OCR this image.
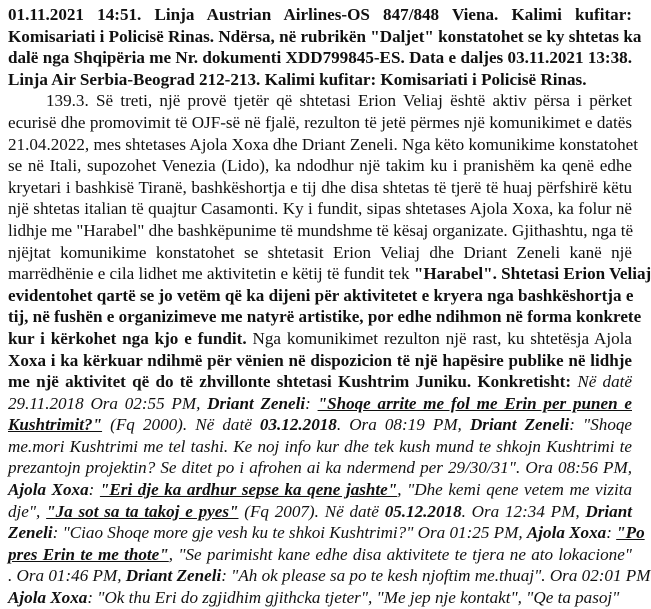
01.11.2021 14:51. Linja Austrian Airlines-OS 847/848 Viena. Kalimi kufitar:
Komisariati i Policisë Rinas. Ndërsa, në rubrikën "Daljet" konstatohet se ky shtetas ka
dalë nga Shqipëria me Nr. dokumenti XDD799845-ES. Data e daljes 03.11.2021 13:38.
Linja Air Serbia-Beograd 212-213. Kalimi kufitar: Komisariati i Policisë Rinas.
139.3. Së treti, një provë tjetër që shtetasi Erion Veliaj është aktiv përsa i përket
ecurisë dhe promovimit të OJF-së në fjalë, rezulton të jetë përmes një komunikimet e datës
21.04.2022, mes shtetases Ajola Xoxa dhe Driant Zeneli. Nga këto komunikime konstatohet
se në Itali, supozohet Venezia (Lido), ka ndodhur një takim ku i pranishëm ka qenë edhe
kryetari i bashkisë Tiranë, bashkëshortja e tij dhe disa shtetas të tjerë të huaj përfshirë këtu
një shtetas italian të quajtur Casamonti. Ky i fundit, sipas shtetases Ajola Xoxa, ka folur në
lidhje me "Harabel" dhe bashkëpunime të mundshme të kësaj organizate. Gjithashtu, nga të
njëjtat komunikime konstatohet se shtetasit Erion Veliaj dhe Driant Zeneli kanë një
marrëdhënie e cila lidhet me aktivitetin e këtij të fundit tek "Harabel". Shtetasi Erion Veliaj
evidentohet qartë se jo vetëm që ka dijeni për aktivitetet e kryera nga bashkëshortja e
tij, në fushën e organizimeve me natyrë artistike, por edhe ndihmon në forma konkrete
kur i kërkohet nga kjo e fundit. Nga komunikimet rezulton një rast, ku shtetësja Ajola
Xoxa i ka kërkuar ndihmë për vënien në dispozicion të një hapësire publike në lidhje
me një aktivitet që do të zhvillonte shtetasi Kushtrim Juniku. Konkretisht: Në datë
29.11.2018 Ora 02:55 PM, Driant Zeneli: "Shoqe arrite me fol me Erin per punen e
Kushtrimit?" (Fq 2000). Në datë 03.12.2018. Ora 08:19 PM, Driant Zeneli: "Shoqe
me.mori Kushtrimi me tel tashi. Ke noj info kur dhe tek kush mund te shkojn Kushtrimi te
prezantojn projektin? Se ditet po i afrohen ai ka ndermend per 29/30/31". Ora 08:56 PM,
Ajola Xoxa: "Eri dje ka ardhur sepse ka qene jashte", "Dhe kemi qene vetem me vizita
dje", "Ja sot sa ta takoj e pyes" (Fq 2007). Në datë 05.12.2018. Ora 12:34 PM, Driant
Zeneli: "Ciao Shoqe more gje vesh ku te shkoi Kushtrimi?" Ora 01:25 PM, Ajola Xoxa: "Po
pres Erin te me thote", "Se parimisht kane edhe disa aktivitete te tjera ne ato lokacione"
. Ora 01:46 PM, Driant Zeneli: "Ah ok please sa po te kesh njoftim me.thuaj". Ora 02:01 PM
Ajola Xoxa: "Ok thu Eri do zgjidhim gjithcka tjeter", "Me jep nje kontakt", "Qe ta pasoj"
